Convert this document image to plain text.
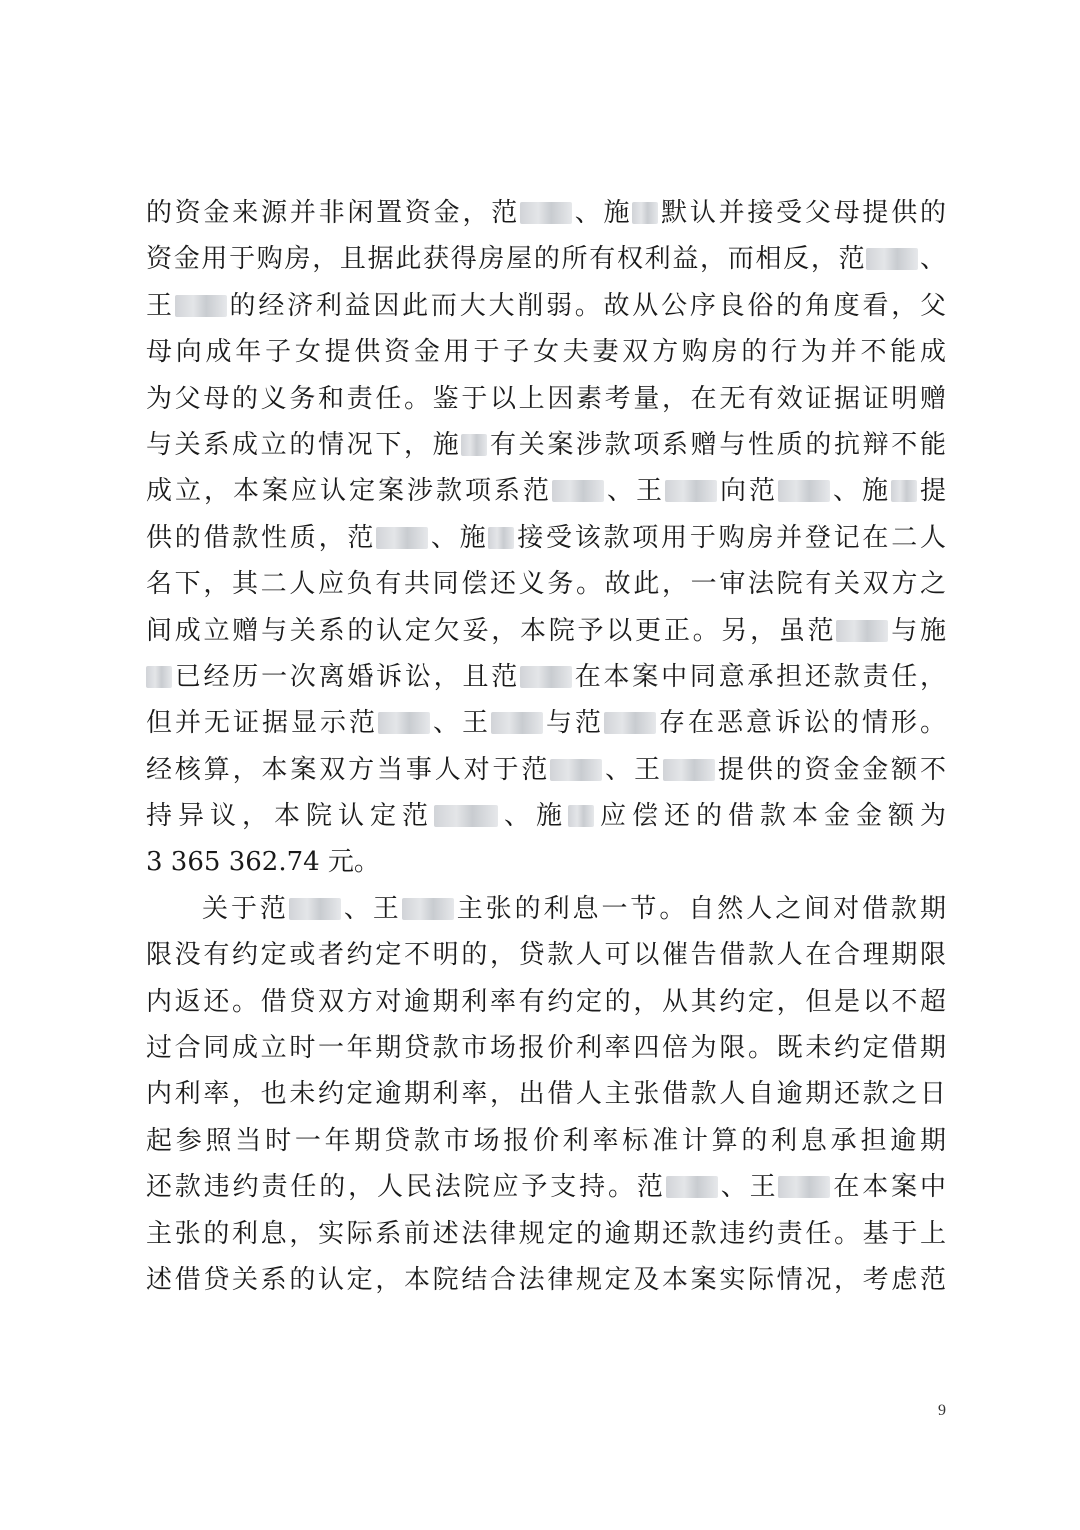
的资金来源并非闲置资金，范 、施 默认并接受父母提供的
资金用于购房，且据此获得房屋的所有权利益，而相反，范 、
王 的经济利益因此而大大削弱。故从公序良俗的角度看，父
母向成年子女提供资金用于子女夫妻双方购房的行为并不能成
为父母的义务和责任。鉴于以上因素考量，在无有效证据证明赠
与关系成立的情况下，施 有关案涉款项系赠与性质的抗辩不能
成立，本案应认定案涉款项系范 、王 向范 、施 提
供的借款性质，范 、施 接受该款项用于购房并登记在二人
名下，其二人应负有共同偿还义务。故此，一审法院有关双方之
间成立赠与关系的认定欠妥，本院予以更正。另，虽范 与施
已经历一次离婚诉讼，且范 在本案中同意承担还款责任，
但并无证据显示范 、王 与范 存在恶意诉讼的情形。
经核算，本案双方当事人对于范 、王 提供的资金金额不
持异议，本院认定范 、施 应偿还的借款本金金额为
3 365 362.74 元。
关于范 、王 主张的利息一节。自然人之间对借款期
限没有约定或者约定不明的，贷款人可以催告借款人在合理期限
内返还。借贷双方对逾期利率有约定的，从其约定，但是以不超
过合同成立时一年期贷款市场报价利率四倍为限。既未约定借期
内利率，也未约定逾期利率，出借人主张借款人自逾期还款之日
起参照当时一年期贷款市场报价利率标准计算的利息承担逾期
还款违约责任的，人民法院应予支持。范 、王 在本案中
主张的利息，实际系前述法律规定的逾期还款违约责任。基于上
述借贷关系的认定，本院结合法律规定及本案实际情况，考虑范
9
